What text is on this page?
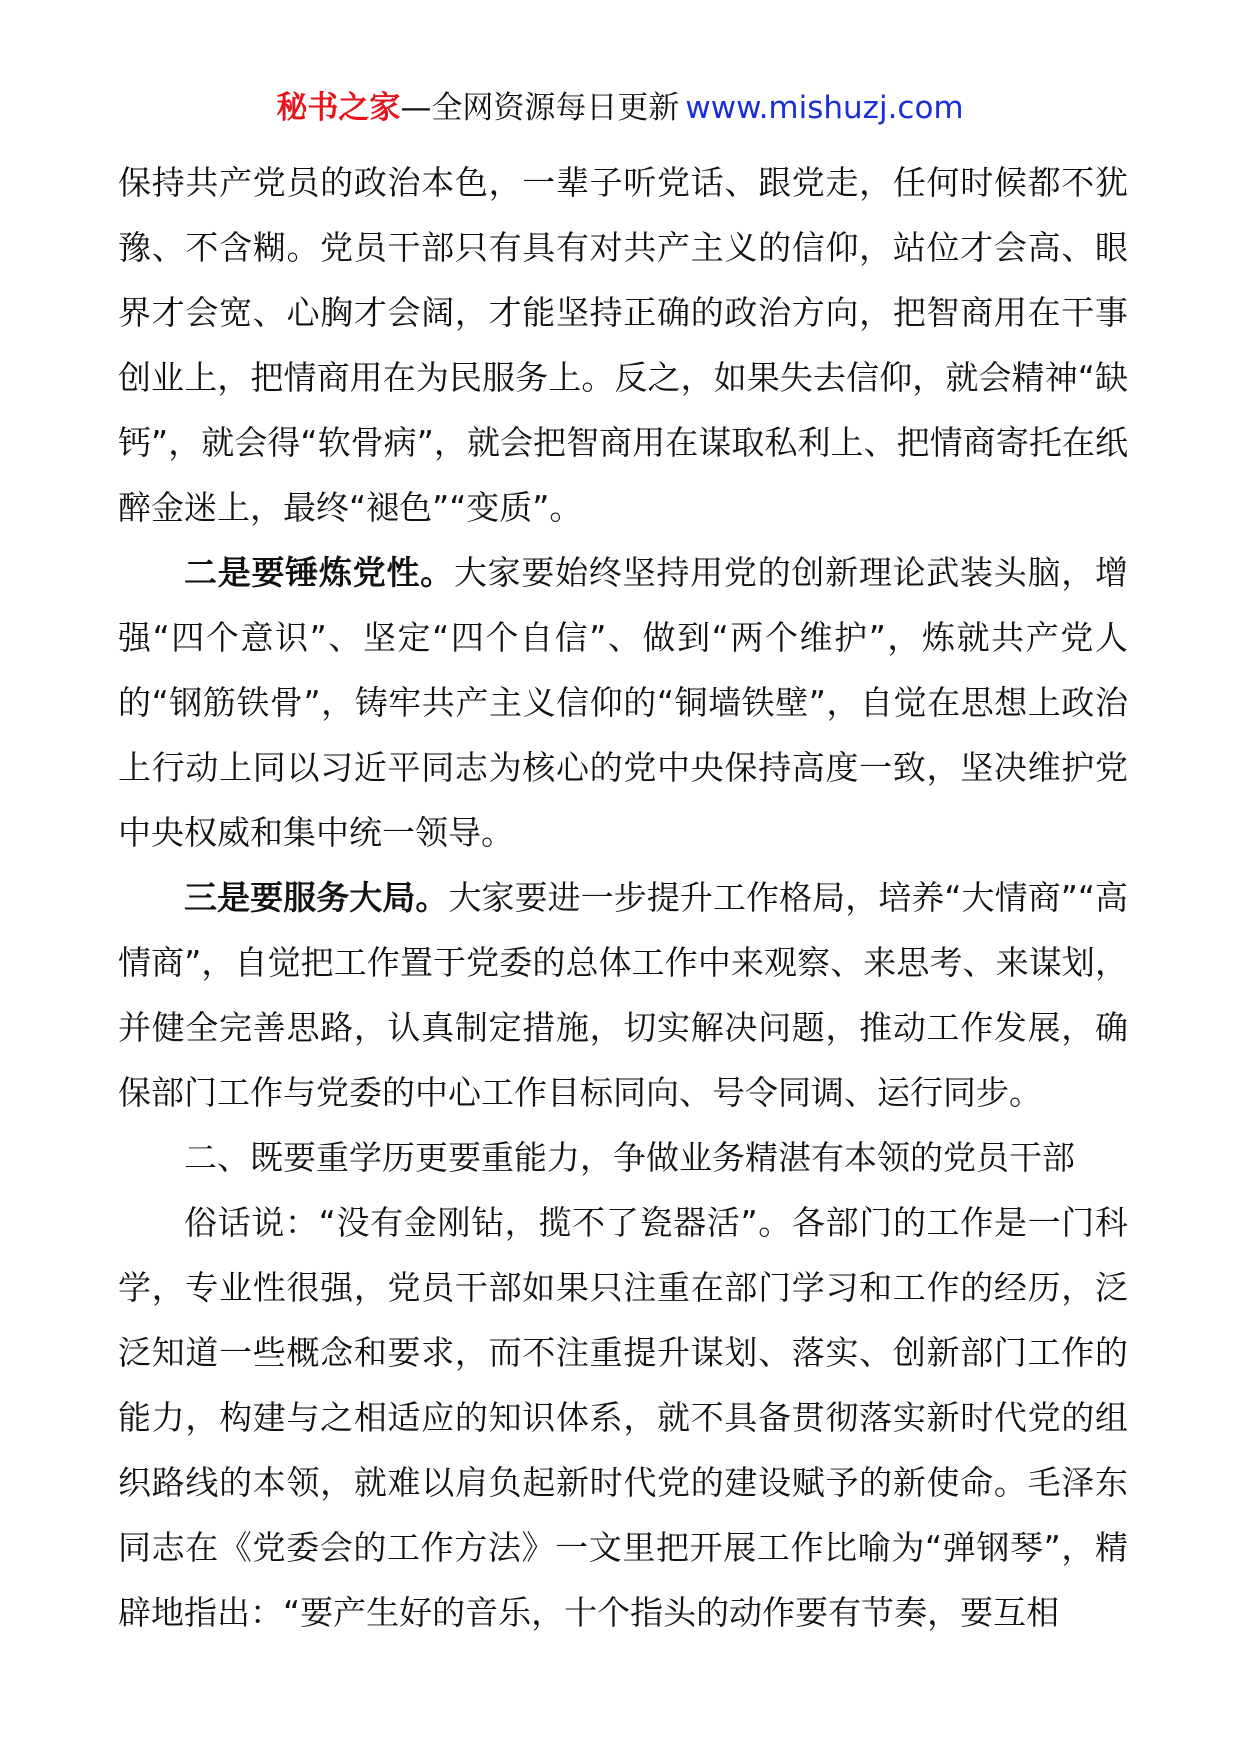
秘书之家—全网资源每日更新 www.mishuzj.com

保持共产党员的政治本色，一辈子听党话、跟党走，任何时候都不犹豫、不含糊。党员干部只有具有对共产主义的信仰，站位才会高、眼界才会宽、心胸才会阔，才能坚持正确的政治方向，把智商用在干事创业上，把情商用在为民服务上。反之，如果失去信仰，就会精神“缺钙”，就会得“软骨病”，就会把智商用在谋取私利上、把情商寄托在纸醉金迷上，最终“褪色”“变质”。

二是要锤炼党性。大家要始终坚持用党的创新理论武装头脑，增强“四个意识”、坚定“四个自信”、做到“两个维护”，炼就共产党人的“钢筋铁骨”，铸牢共产主义信仰的“铜墙铁壁”，自觉在思想上政治上行动上同以习近平同志为核心的党中央保持高度一致，坚决维护党中央权威和集中统一领导。

三是要服务大局。大家要进一步提升工作格局，培养“大情商”“高情商”，自觉把工作置于党委的总体工作中来观察、来思考、来谋划，并健全完善思路，认真制定措施，切实解决问题，推动工作发展，确保部门工作与党委的中心工作目标同向、号令同调、运行同步。

二、既要重学历更要重能力，争做业务精湛有本领的党员干部

俗话说：“没有金刚钻，揽不了瓷器活”。各部门的工作是一门科学，专业性很强，党员干部如果只注重在部门学习和工作的经历，泛泛知道一些概念和要求，而不注重提升谋划、落实、创新部门工作的能力，构建与之相适应的知识体系，就不具备贯彻落实新时代党的组织路线的本领，就难以肩负起新时代党的建设赋予的新使命。毛泽东同志在《党委会的工作方法》一文里把开展工作比喻为“弹钢琴”，精辟地指出：“要产生好的音乐，十个指头的动作要有节奏，要互相
